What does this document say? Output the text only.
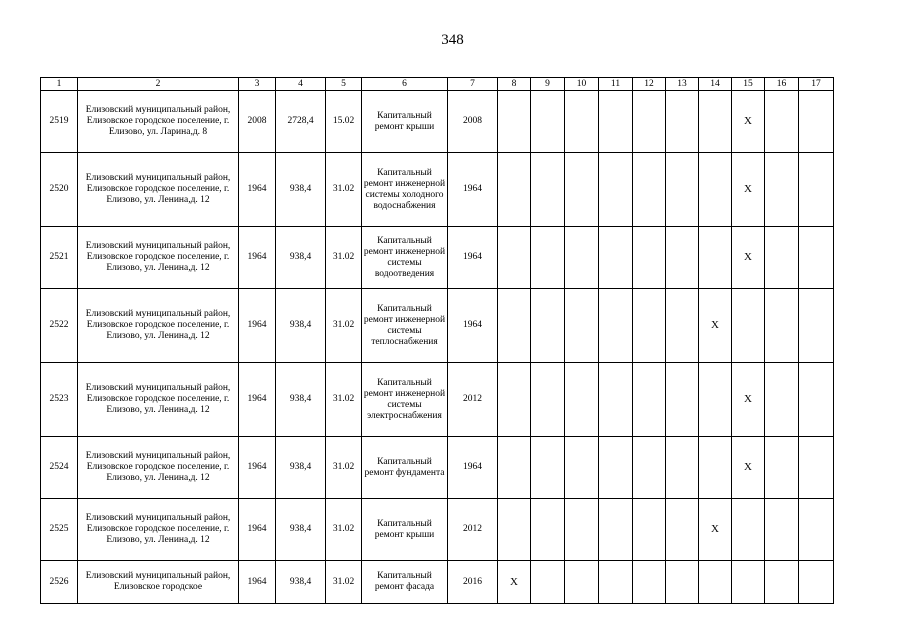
348
1	2	3	4	5	6	7	8	9	10	11	12	13	14	15	16	17
2519	Елизовский муниципальный район, Елизовское городское поселение, г. Елизово, ул. Ларина,д. 8	2008	2728,4	15.02	Капитальный ремонт крыши	2008								X		
2520	Елизовский муниципальный район, Елизовское городское поселение, г. Елизово, ул. Ленина,д. 12	1964	938,4	31.02	Капитальный ремонт инженерной системы холодного водоснабжения	1964								X		
2521	Елизовский муниципальный район, Елизовское городское поселение, г. Елизово, ул. Ленина,д. 12	1964	938,4	31.02	Капитальный ремонт инженерной системы водоотведения	1964								X		
2522	Елизовский муниципальный район, Елизовское городское поселение, г. Елизово, ул. Ленина,д. 12	1964	938,4	31.02	Капитальный ремонт инженерной системы теплоснабжения	1964							X			
2523	Елизовский муниципальный район, Елизовское городское поселение, г. Елизово, ул. Ленина,д. 12	1964	938,4	31.02	Капитальный ремонт инженерной системы электроснабжения	2012								X		
2524	Елизовский муниципальный район, Елизовское городское поселение, г. Елизово, ул. Ленина,д. 12	1964	938,4	31.02	Капитальный ремонт фундамента	1964								X		
2525	Елизовский муниципальный район, Елизовское городское поселение, г. Елизово, ул. Ленина,д. 12	1964	938,4	31.02	Капитальный ремонт крыши	2012							X			
2526	Елизовский муниципальный район, Елизовское городское	1964	938,4	31.02	Капитальный ремонт фасада	2016	X									
